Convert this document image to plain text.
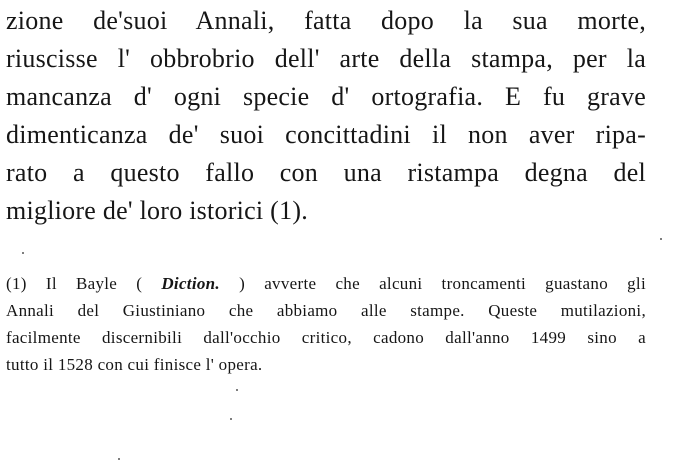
zione de'suoi Annali, fatta dopo la sua morte,
riuscisse l' obbrobrio dell' arte della stampa, per la
mancanza d' ogni specie d' ortografia. E fu grave
dimenticanza de' suoi concittadini il non aver ripa-
rato a questo fallo con una ristampa degna del
migliore de' loro istorici (1).
(1) Il Bayle ( Diction. ) avverte che alcuni troncamenti guastano gli
Annali del Giustiniano che abbiamo alle stampe. Queste mutilazioni,
facilmente discernibili dall'occhio critico, cadono dall'anno 1499 sino a
tutto il 1528 con cui finisce l' opera.
